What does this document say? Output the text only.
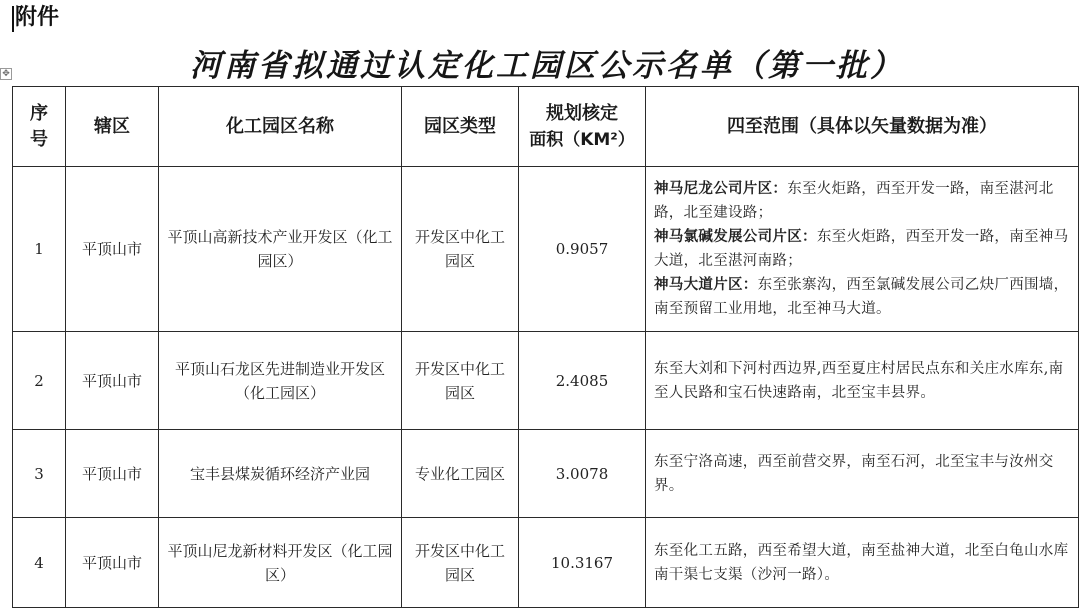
附件
河南省拟通过认定化工园区公示名单（第一批）
✥
序号	辖区	化工园区名称	园区类型	规划核定
面积（KM²）	四至范围（具体以矢量数据为准）
1	平顶山市	平顶山高新技术产业开发区（化工园区）	开发区中化工园区	0.9057	神马尼龙公司片区：东至火炬路，西至开发一路，南至湛河北路，北至建设路；
神马氯碱发展公司片区：东至火炬路，西至开发一路，南至神马大道，北至湛河南路；
神马大道片区：东至张寨沟，西至氯碱发展公司乙炔厂西围墙，南至预留工业用地，北至神马大道。
2	平顶山市	平顶山石龙区先进制造业开发区（化工园区）	开发区中化工园区	2.4085	东至大刘和下河村西边界,西至夏庄村居民点东和关庄水库东,南至人民路和宝石快速路南，北至宝丰县界。
3	平顶山市	宝丰县煤炭循环经济产业园	专业化工园区	3.0078	东至宁洛高速，西至前营交界，南至石河，北至宝丰与汝州交界。
4	平顶山市	平顶山尼龙新材料开发区（化工园区）	开发区中化工园区	10.3167	东至化工五路，西至希望大道，南至盐神大道，北至白龟山水库南干渠七支渠（沙河一路）。
